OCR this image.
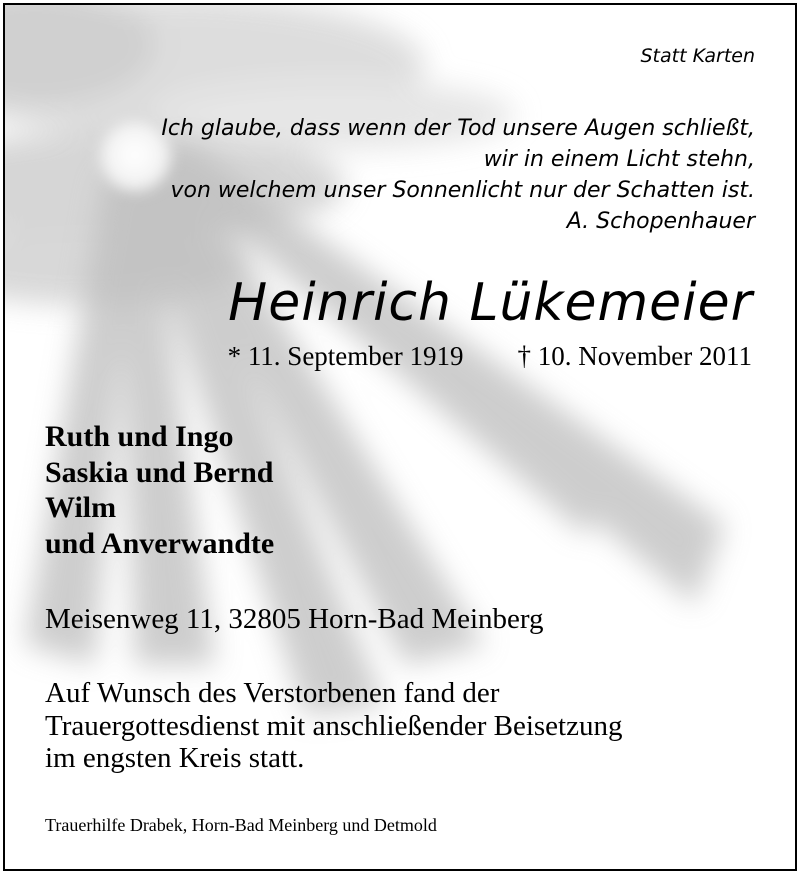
Statt Karten
Ich glaube, dass wenn der Tod unsere Augen schließt,
wir in einem Licht stehn,
von welchem unser Sonnenlicht nur der Schatten ist.
A. Schopenhauer
Heinrich Lükemeier
* 11. September 1919 † 10. November 2011
Ruth und Ingo
Saskia und Bernd
Wilm
und Anverwandte
Meisenweg 11, 32805 Horn-Bad Meinberg
Auf Wunsch des Verstorbenen fand der
Trauergottesdienst mit anschließender Beisetzung
im engsten Kreis statt.
Trauerhilfe Drabek, Horn-Bad Meinberg und Detmold
